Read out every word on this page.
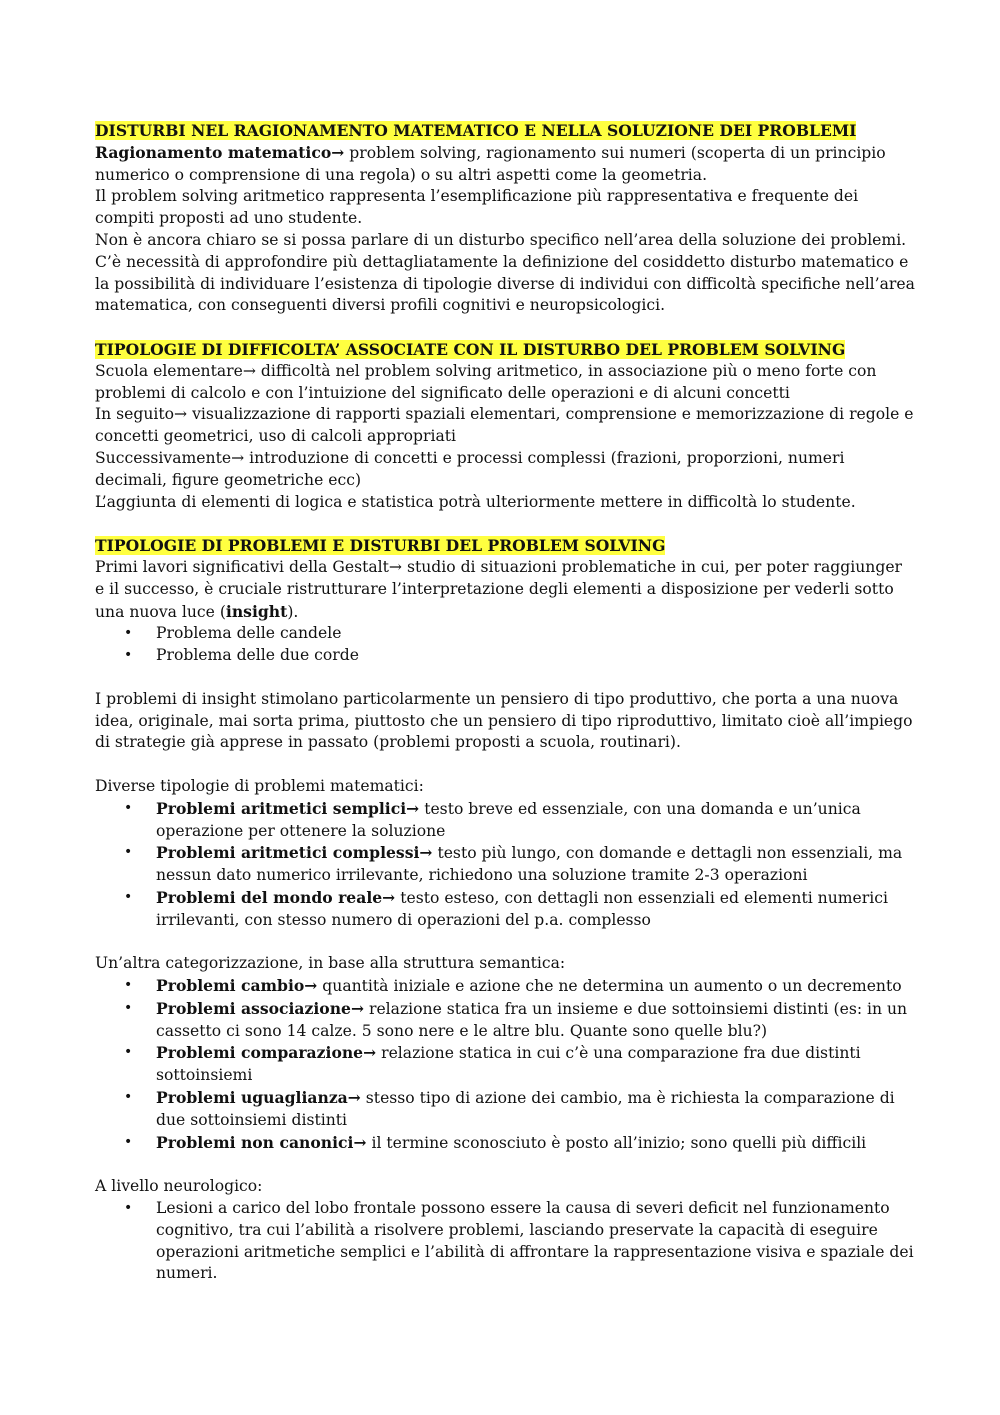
DISTURBI NEL RAGIONAMENTO MATEMATICO E NELLA SOLUZIONE DEI PROBLEMI

Ragionamento matematico→ problem solving, ragionamento sui numeri (scoperta di un principio numerico o comprensione di una regola) o su altri aspetti come la geometria.

Il problem solving aritmetico rappresenta l’esemplificazione più rappresentativa e frequente dei compiti proposti ad uno studente.

Non è ancora chiaro se si possa parlare di un disturbo specifico nell’area della soluzione dei problemi.

C’è necessità di approfondire più dettagliatamente la definizione del cosiddetto disturbo matematico e la possibilità di individuare l’esistenza di tipologie diverse di individui con difficoltà specifiche nell’area matematica, con conseguenti diversi profili cognitivi e neuropsicologici.

TIPOLOGIE DI DIFFICOLTA’ ASSOCIATE CON IL DISTURBO DEL PROBLEM SOLVING

Scuola elementare→ difficoltà nel problem solving aritmetico, in associazione più o meno forte con problemi di calcolo e con l’intuizione del significato delle operazioni e di alcuni concetti

In seguito→ visualizzazione di rapporti spaziali elementari, comprensione e memorizzazione di regole e concetti geometrici, uso di calcoli appropriati

Successivamente→ introduzione di concetti e processi complessi (frazioni, proporzioni, numeri decimali, figure geometriche ecc)

L’aggiunta di elementi di logica e statistica potrà ulteriormente mettere in difficoltà lo studente.

TIPOLOGIE DI PROBLEMI E DISTURBI DEL PROBLEM SOLVING

Primi lavori significativi della Gestalt→ studio di situazioni problematiche in cui, per poter raggiunger e il successo, è cruciale ristrutturare l’interpretazione degli elementi a disposizione per vederli sotto una nuova luce (insight).

• Problema delle candele
• Problema delle due corde

I problemi di insight stimolano particolarmente un pensiero di tipo produttivo, che porta a una nuova idea, originale, mai sorta prima, piuttosto che un pensiero di tipo riproduttivo, limitato cioè all’impiego di strategie già apprese in passato (problemi proposti a scuola, routinari).

Diverse tipologie di problemi matematici:

• Problemi aritmetici semplici→ testo breve ed essenziale, con una domanda e un’unica operazione per ottenere la soluzione
• Problemi aritmetici complessi→ testo più lungo, con domande e dettagli non essenziali, ma nessun dato numerico irrilevante, richiedono una soluzione tramite 2-3 operazioni
• Problemi del mondo reale→ testo esteso, con dettagli non essenziali ed elementi numerici irrilevanti, con stesso numero di operazioni del p.a. complesso

Un’altra categorizzazione, in base alla struttura semantica:

• Problemi cambio→ quantità iniziale e azione che ne determina un aumento o un decremento
• Problemi associazione→ relazione statica fra un insieme e due sottoinsiemi distinti (es: in un cassetto ci sono 14 calze. 5 sono nere e le altre blu. Quante sono quelle blu?)
• Problemi comparazione→ relazione statica in cui c’è una comparazione fra due distinti sottoinsiemi
• Problemi uguaglianza→ stesso tipo di azione dei cambio, ma è richiesta la comparazione di due sottoinsiemi distinti
• Problemi non canonici→ il termine sconosciuto è posto all’inizio; sono quelli più difficili

A livello neurologico:

• Lesioni a carico del lobo frontale possono essere la causa di severi deficit nel funzionamento cognitivo, tra cui l’abilità a risolvere problemi, lasciando preservate la capacità di eseguire operazioni aritmetiche semplici e l’abilità di affrontare la rappresentazione visiva e spaziale dei numeri.
